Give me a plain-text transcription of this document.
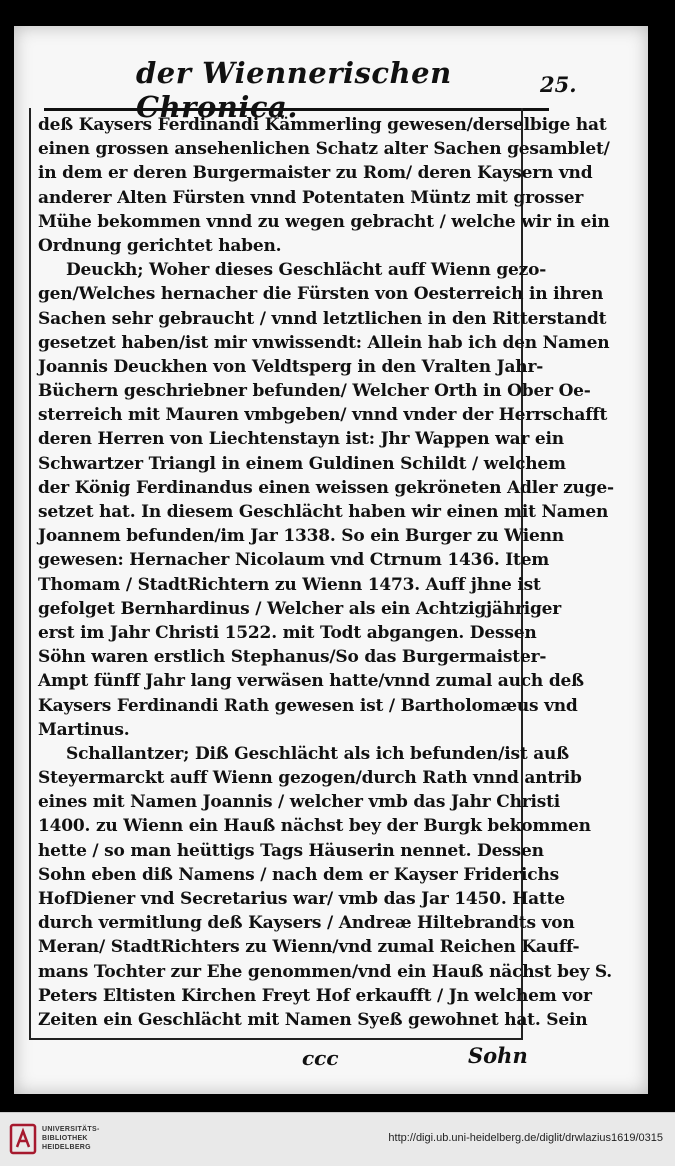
der Wiennerischen Chronica.
25.
deß Kaysers Ferdinandi Kämmerling gewesen/derselbige hat
einen grossen ansehenlichen Schatz alter Sachen gesamblet/
in dem er deren Burgermaister zu Rom/ deren Kaysern vnd
anderer Alten Fürsten vnnd Potentaten Müntz mit grosser
Mühe bekommen vnnd zu wegen gebracht / welche wir in ein
Ordnung gerichtet haben.
Deuckh; Woher dieses Geschlächt auff Wienn gezo-
gen/Welches hernacher die Fürsten von Oesterreich in ihren
Sachen sehr gebraucht / vnnd letztlichen in den Ritterstandt
gesetzet haben/ist mir vnwissendt: Allein hab ich den Namen
Joannis Deuckhen von Veldtsperg in den Vralten Jahr-
Büchern geschriebner befunden/ Welcher Orth in Ober Oe-
sterreich mit Mauren vmbgeben/ vnnd vnder der Herrschafft
deren Herren von Liechtenstayn ist: Jhr Wappen war ein
Schwartzer Triangl in einem Guldinen Schildt / welchem
der König Ferdinandus einen weissen gekröneten Adler zuge-
setzet hat. In diesem Geschlächt haben wir einen mit Namen
Joannem befunden/im Jar 1338. So ein Burger zu Wienn
gewesen: Hernacher Nicolaum vnd Ctrnum 1436. Item
Thomam / StadtRichtern zu Wienn 1473. Auff jhne ist
gefolget Bernhardinus / Welcher als ein Achtzigjähriger
erst im Jahr Christi 1522. mit Todt abgangen. Dessen
Söhn waren erstlich Stephanus/So das Burgermaister-
Ampt fünff Jahr lang verwäsen hatte/vnnd zumal auch deß
Kaysers Ferdinandi Rath gewesen ist / Bartholomæus vnd
Martinus.
Schallantzer; Diß Geschlächt als ich befunden/ist auß
Steyermarckt auff Wienn gezogen/durch Rath vnnd antrib
eines mit Namen Joannis / welcher vmb das Jahr Christi
1400. zu Wienn ein Hauß nächst bey der Burgk bekommen
hette / so man heüttigs Tags Häuserin nennet. Dessen
Sohn eben diß Namens / nach dem er Kayser Friderichs
HofDiener vnd Secretarius war/ vmb das Jar 1450. Hatte
durch vermitlung deß Kaysers / Andreæ Hiltebrandts von
Meran/ StadtRichters zu Wienn/vnd zumal Reichen Kauff-
mans Tochter zur Ehe genommen/vnd ein Hauß nächst bey S.
Peters Eltisten Kirchen Freyt Hof erkaufft / Jn welchem vor
Zeiten ein Geschlächt mit Namen Syeß gewohnet hat. Sein
ccc	Sohn
UNIVERSITÄTS-
BIBLIOTHEK
HEIDELBERG
http://digi.ub.uni-heidelberg.de/diglit/drwlazius1619/0315
